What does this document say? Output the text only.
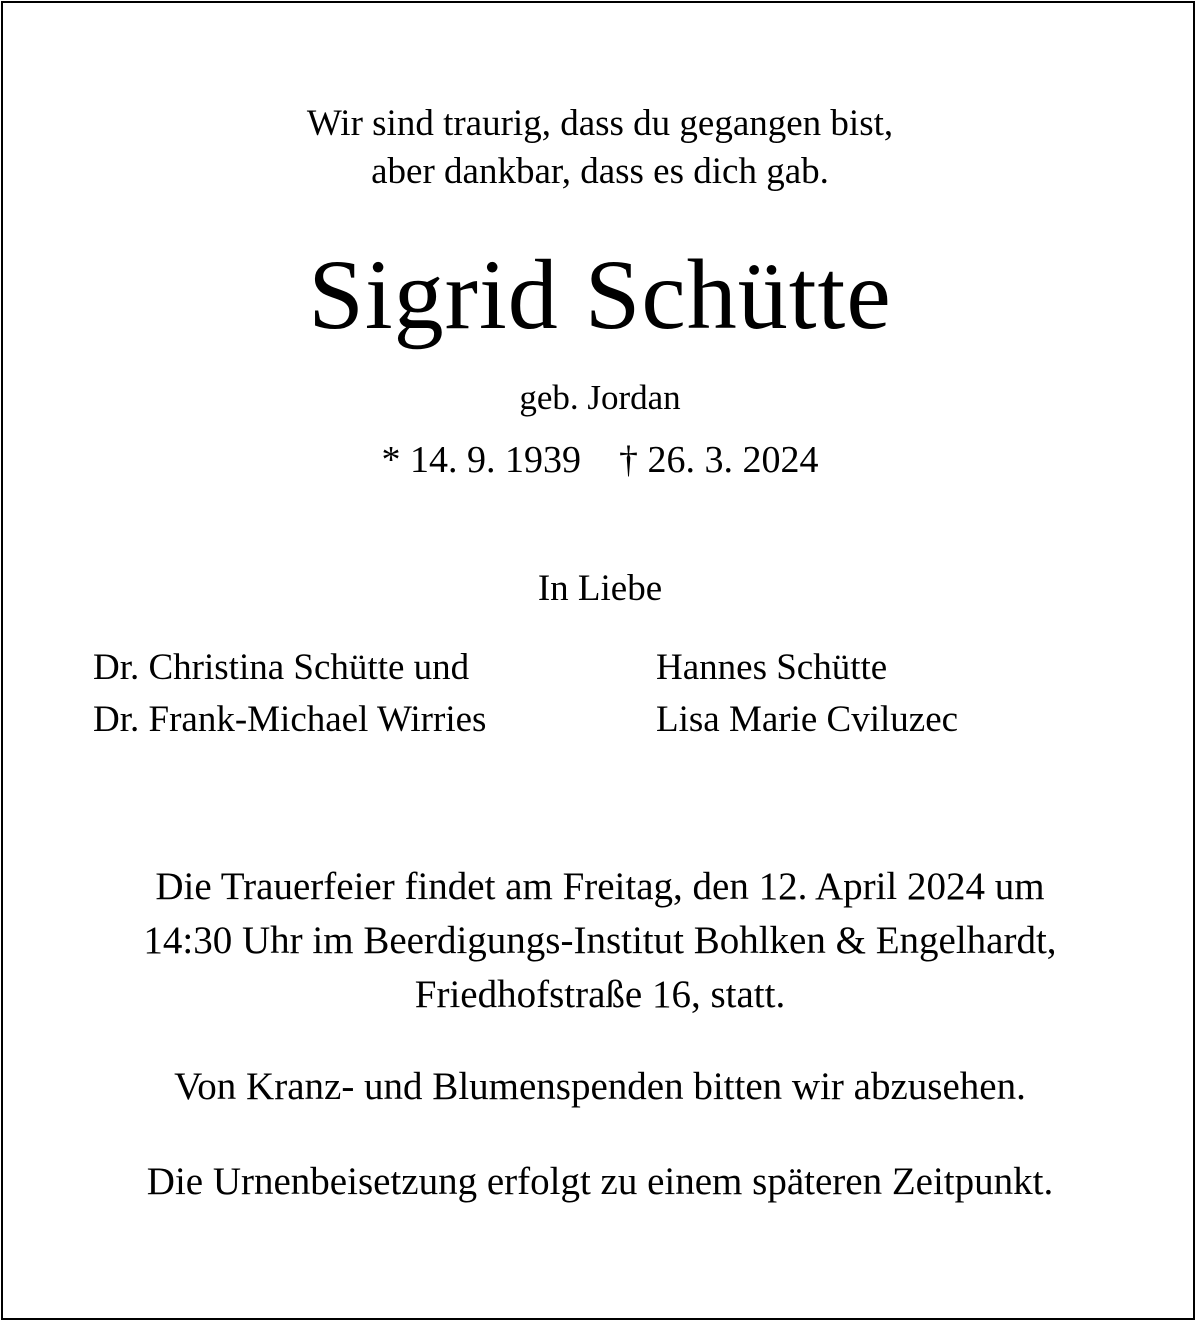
Wir sind traurig, dass du gegangen bist,
aber dankbar, dass es dich gab.
Sigrid Schütte
geb. Jordan
* 14. 9. 1939 † 26. 3. 2024
In Liebe
Dr. Christina Schütte und
Dr. Frank-Michael Wirries
Hannes Schütte
Lisa Marie Cviluzec
Die Trauerfeier findet am Freitag, den 12. April 2024 um
14:30 Uhr im Beerdigungs-Institut Bohlken & Engelhardt,
Friedhofstraße 16, statt.
Von Kranz- und Blumenspenden bitten wir abzusehen.
Die Urnenbeisetzung erfolgt zu einem späteren Zeitpunkt.
